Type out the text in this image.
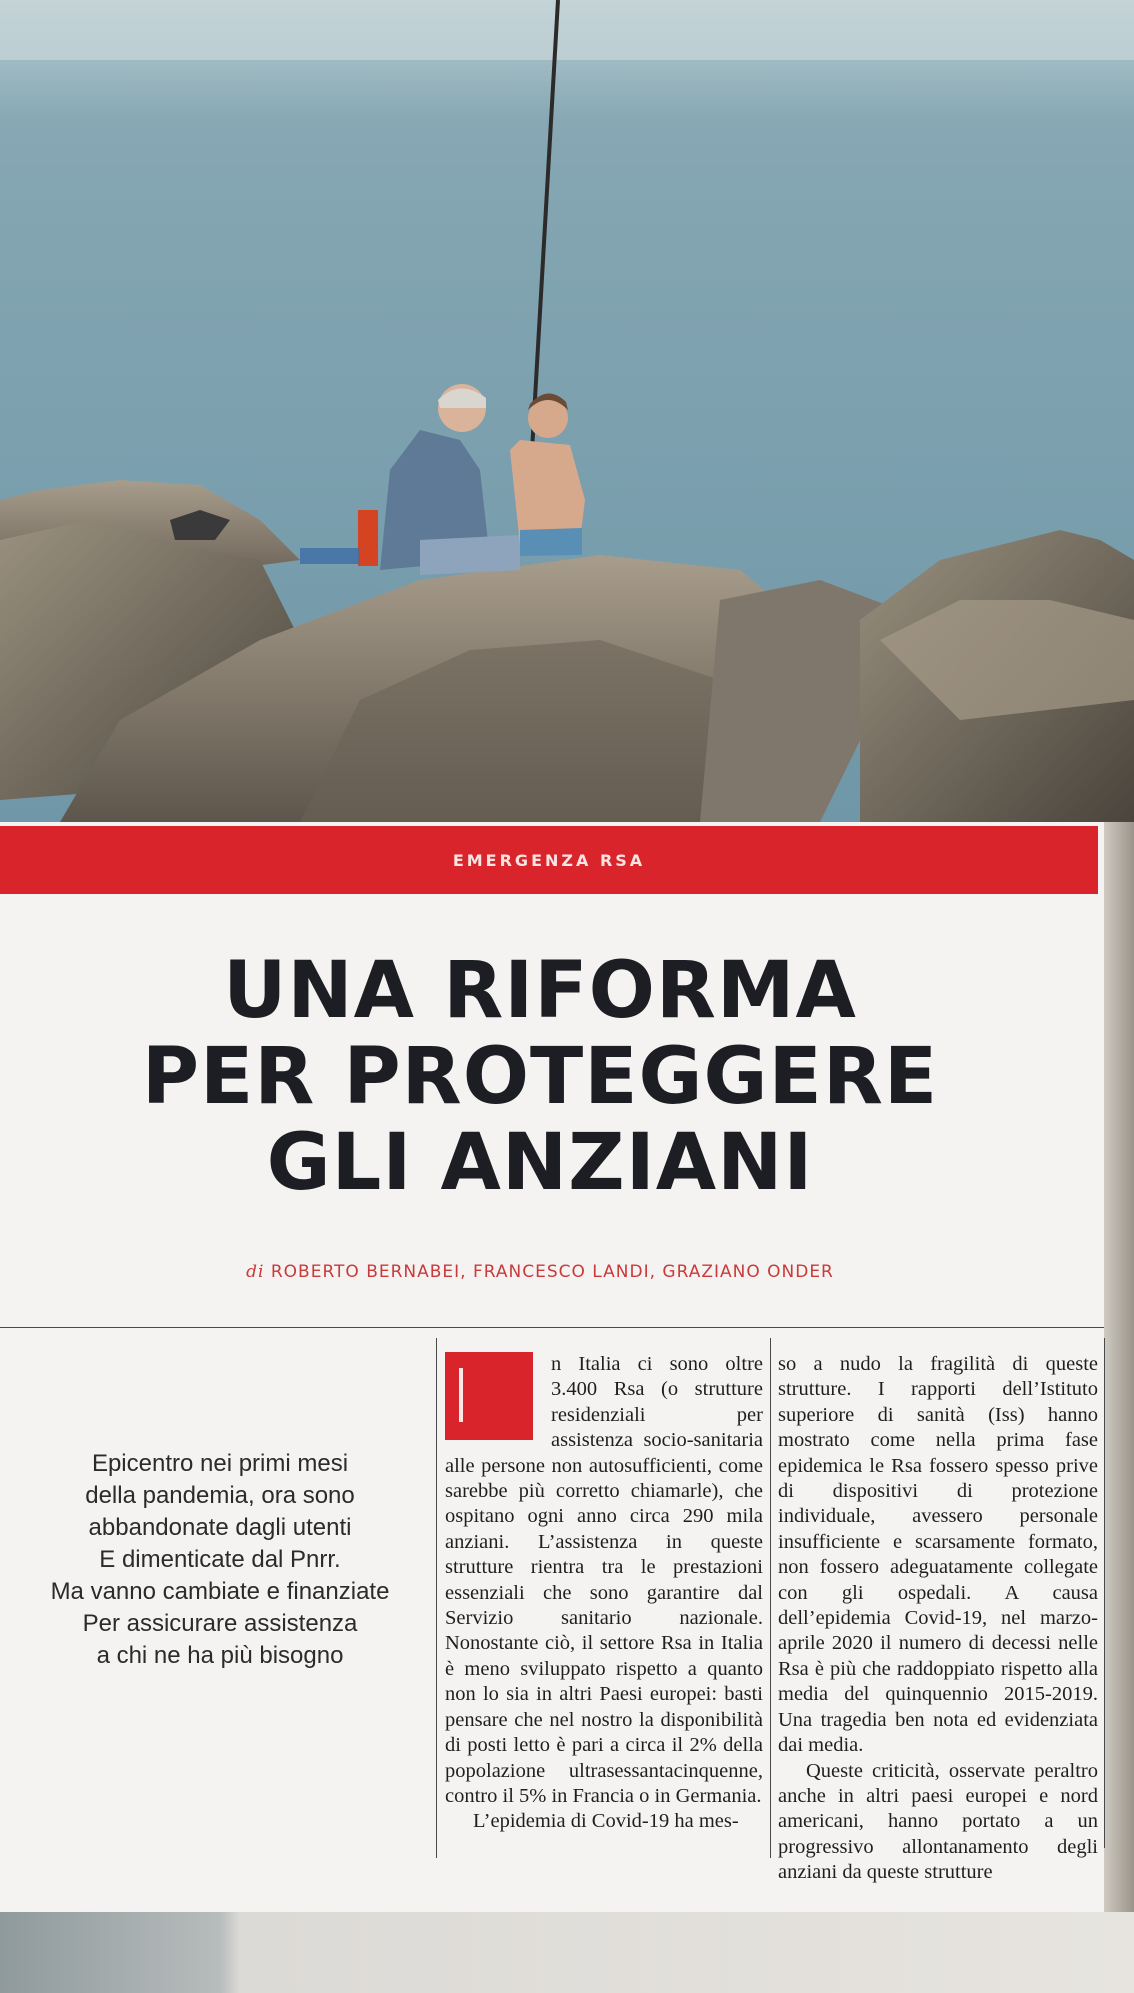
EMERGENZA RSA
UNA RIFORMA
PER PROTEGGERE
GLI ANZIANI
di ROBERTO BERNABEI, FRANCESCO LANDI, GRAZIANO ONDER
Epicentro nei primi mesi
della pandemia, ora sono
abbandonate dagli utenti
E dimenticate dal Pnrr.
Ma vanno cambiate e finanziate
Per assicurare assistenza
a chi ne ha più bisogno

n Italia ci sono oltre 3.400 Rsa (o strutture residenziali per assistenza socio-sanitaria alle persone non autosufficienti, come sarebbe più corretto chiamarle), che ospitano ogni anno circa 290 mila anziani. L’assistenza in queste strutture rientra tra le prestazioni essenziali che sono garantire dal Servizio sanitario nazionale. Nonostante ciò, il settore Rsa in Italia è meno sviluppato rispetto a quanto non lo sia in altri Paesi europei: basti pensare che nel nostro la disponibilità di posti letto è pari a circa il 2% della popolazione ultrasessantacinquenne, contro il 5% in Francia o in Germania.

L’epidemia di Covid-19 ha mes-

so a nudo la fragilità di queste strutture. I rapporti dell’Istituto superiore di sanità (Iss) hanno mostrato come nella prima fase epidemica le Rsa fossero spesso prive di dispositivi di protezione individuale, avessero personale insufficiente e scarsamente formato, non fossero adeguatamente collegate con gli ospedali. A causa dell’epidemia Covid-19, nel marzo-aprile 2020 il numero di decessi nelle Rsa è più che raddoppiato rispetto alla media del quinquennio 2015-2019. Una tragedia ben nota ed evidenziata dai media.

Queste criticità, osservate peraltro anche in altri paesi europei e nord americani, hanno portato a un progressivo allontanamento degli anziani da queste strutture
